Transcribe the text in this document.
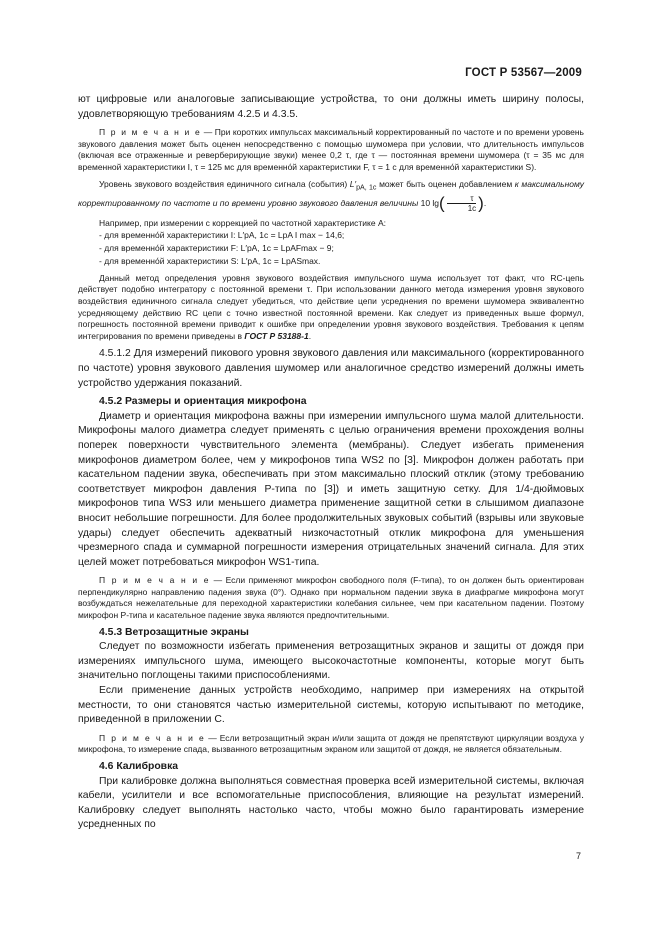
ГОСТ Р 53567—2009

ют цифровые или аналоговые записывающие устройства, то они должны иметь ширину полосы, удовлетворяющую требованиям 4.2.5 и 4.3.5.

П р и м е ч а н и е — При коротких импульсах максимальный корректированный по частоте и по времени уровень звукового давления может быть оценен непосредственно с помощью шумомера при условии, что длительность импульсов (включая все отраженные и реверберирующие звуки) менее 0,2 τ, где τ — постоянная времени шумомера (τ = 35 мс для временной характеристики I, τ = 125 мс для временно́й характеристики F, τ = 1 с для временно́й характеристики S).

Уровень звукового воздействия единичного сигнала (события) $L'_{pA, 1c}$ может быть оценен добавлением к максимальному корректированному по частоте и по времени уровню звукового давления величины 10 $\lg( \frac{\tau}{1c}$ ).

Например, при измерении с коррекцией по частотной характеристике A:

- для временно́й характеристики I: L′pA, 1c = LpA I max − 14,6;
- для временно́й характеристики F: L′pA, 1c = LpAFmax − 9;
- для временно́й характеристики S: L′pA, 1c = LpASmax.

Данный метод определения уровня звукового воздействия импульсного шума использует тот факт, что RC-цепь действует подобно интегратору с постоянной времени τ. При использовании данного метода измерения уровня звукового воздействия единичного сигнала следует убедиться, что действие цепи усреднения по времени шумомера эквивалентно усредняющему действию RC цепи с точно известной постоянной времени. Как следует из приведенных выше формул, погрешность постоянной времени приводит к ошибке при определении уровня звукового воздействия. Требования к цепям интегрирования по времени приведены в ГОСТ Р 53188-1.

4.5.1.2 Для измерений пикового уровня звукового давления или максимального (корректированного по частоте) уровня звукового давления шумомер или аналогичное средство измерений должны иметь устройство удержания показаний.

4.5.2 Размеры и ориентация микрофона

Диаметр и ориентация микрофона важны при измерении импульсного шума малой длительности. Микрофоны малого диаметра следует применять с целью ограничения времени прохождения волны поперек поверхности чувствительного элемента (мембраны). Следует избегать применения микрофонов диаметром более, чем у микрофонов типа WS2 по [3]. Микрофон должен работать при касательном падении звука, обеспечивать при этом максимально плоский отклик (этому требованию соответствует микрофон давления P-типа по [3]) и иметь защитную сетку. Для 1/4-дюймовых микрофонов типа WS3 или меньшего диаметра применение защитной сетки в слышимом диапазоне вносит небольшие погрешности. Для более продолжительных звуковых событий (взрывы или звуковые удары) следует обеспечить адекватный низкочастотный отклик микрофона для уменьшения чрезмерного спада и суммарной погрешности измерения отрицательных значений сигнала. Для этих целей может потребоваться микрофон WS1-типа.

П р и м е ч а н и е — Если применяют микрофон свободного поля (F-типа), то он должен быть ориентирован перпендикулярно направлению падения звука (0°). Однако при нормальном падении звука в диафрагме микрофона могут возбуждаться нежелательные для переходной характеристики колебания сильнее, чем при касательном падении. Поэтому микрофон P-типа и касательное падение звука являются предпочтительными.

4.5.3 Ветрозащитные экраны

Следует по возможности избегать применения ветрозащитных экранов и защиты от дождя при измерениях импульсного шума, имеющего высокочастотные компоненты, которые могут быть значительно поглощены такими приспособлениями.

Если применение данных устройств необходимо, например при измерениях на открытой местности, то они становятся частью измерительной системы, которую испытывают по методике, приведенной в приложении C.

П р и м е ч а н и е — Если ветрозащитный экран и/или защита от дождя не препятствуют циркуляции воздуха у микрофона, то измерение спада, вызванного ветрозащитным экраном или защитой от дождя, не является обязательным.

4.6 Калибровка

При калибровке должна выполняться совместная проверка всей измерительной системы, включая кабели, усилители и все вспомогательные приспособления, влияющие на результат измерений. Калибровку следует выполнять настолько часто, чтобы можно было гарантировать измерение усредненных по

7
